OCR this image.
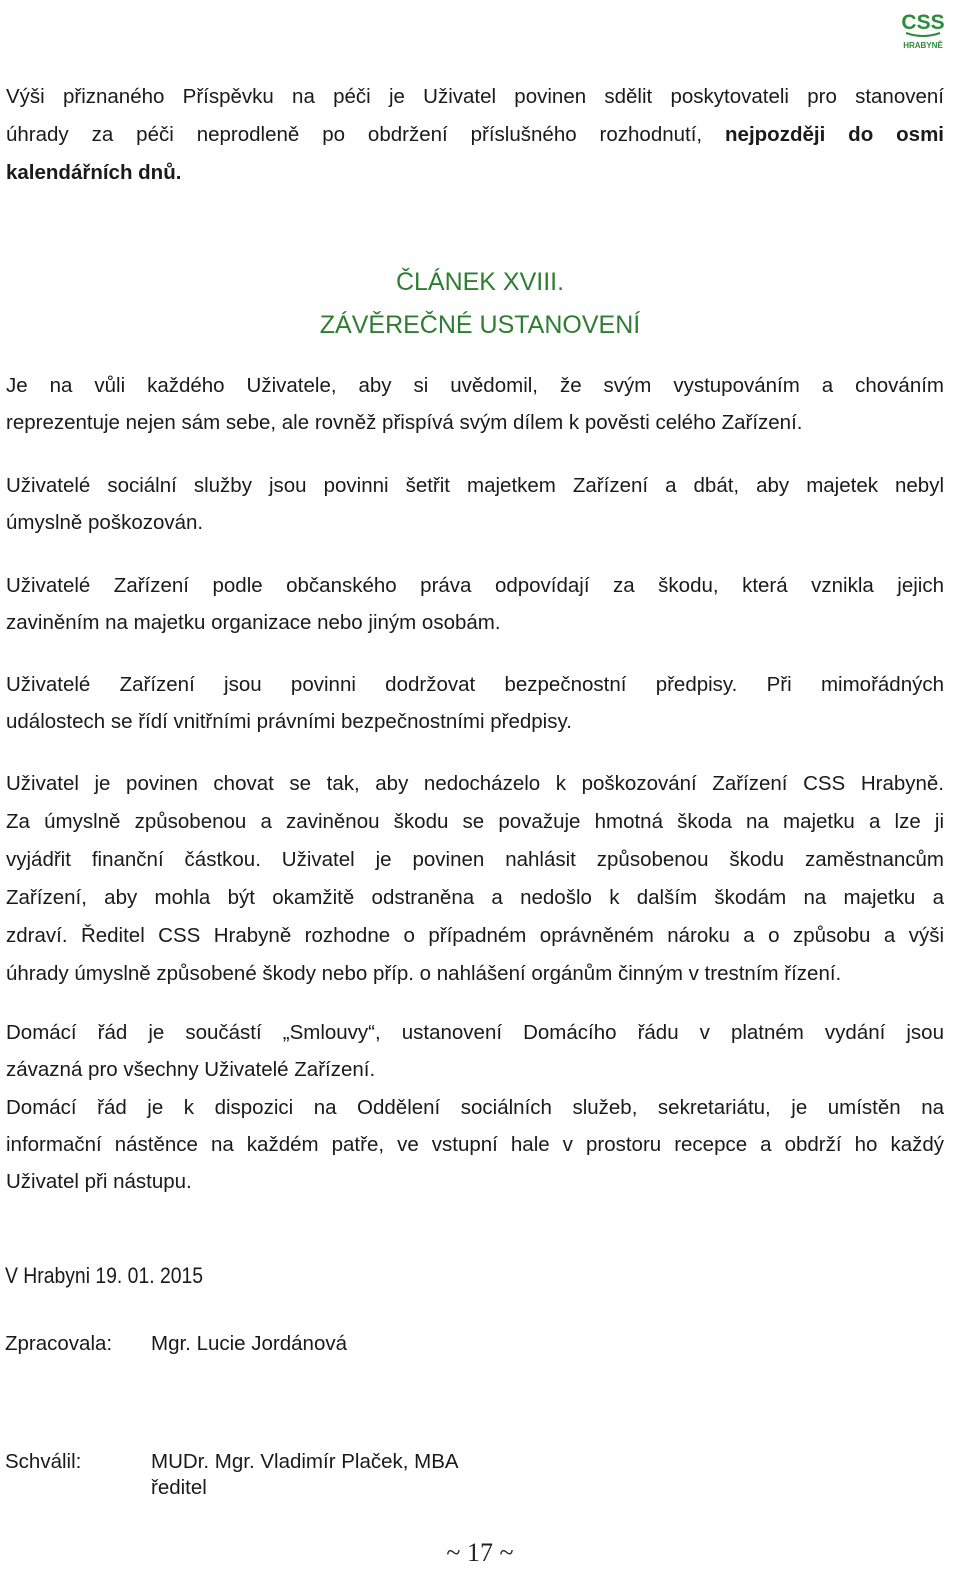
CSS
HRABYNĚ
Výši přiznaného Příspěvku na péči je Uživatel povinen sdělit poskytovateli pro stanovení
úhrady za péči neprodleně po obdržení příslušného rozhodnutí, nejpozději do osmi
kalendářních dnů.
ČLÁNEK XVIII.
ZÁVĚREČNÉ USTANOVENÍ
Je na vůli každého Uživatele, aby si uvědomil, že svým vystupováním a chováním
reprezentuje nejen sám sebe, ale rovněž přispívá svým dílem k pověsti celého Zařízení.
Uživatelé sociální služby jsou povinni šetřit majetkem Zařízení a dbát, aby majetek nebyl
úmyslně poškozován.
Uživatelé Zařízení podle občanského práva odpovídají za škodu, která vznikla jejich
zaviněním na majetku organizace nebo jiným osobám.
Uživatelé Zařízení jsou povinni dodržovat bezpečnostní předpisy. Při mimořádných
událostech se řídí vnitřními právními bezpečnostními předpisy.
Uživatel je povinen chovat se tak, aby nedocházelo k poškozování Zařízení CSS Hrabyně.
Za úmyslně způsobenou a zaviněnou škodu se považuje hmotná škoda na majetku a lze ji
vyjádřit finanční částkou. Uživatel je povinen nahlásit způsobenou škodu zaměstnancům
Zařízení, aby mohla být okamžitě odstraněna a nedošlo k dalším škodám na majetku a
zdraví. Ředitel CSS Hrabyně rozhodne o případném oprávněném nároku a o způsobu a výši
úhrady úmyslně způsobené škody nebo příp. o nahlášení orgánům činným v trestním řízení.
Domácí řád je součástí „Smlouvy“, ustanovení Domácího řádu v platném vydání jsou
závazná pro všechny Uživatelé Zařízení.
Domácí řád je k dispozici na Oddělení sociálních služeb, sekretariátu, je umístěn na
informační nástěnce na každém patře, ve vstupní hale v prostoru recepce a obdrží ho každý
Uživatel při nástupu.
V Hrabyni 19. 01. 2015
Zpracovala: Mgr. Lucie Jordánová
Schválil:	MUDr. Mgr. Vladimír Plaček, MBA
ředitel
~ 17 ~
